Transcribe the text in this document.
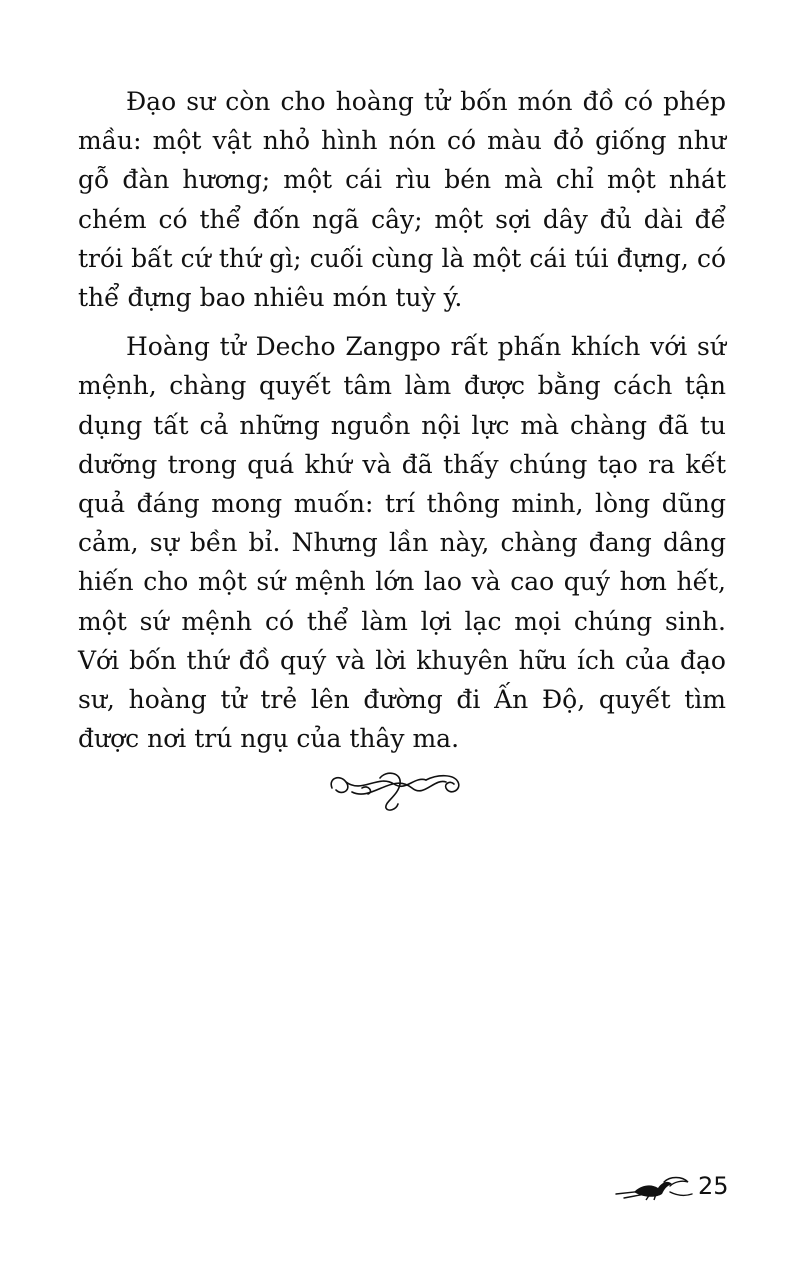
Đạo sư còn cho hoàng tử bốn món đồ có phép mầu: một vật nhỏ hình nón có màu đỏ giống như gỗ đàn hương; một cái rìu bén mà chỉ một nhát chém có thể đốn ngã cây; một sợi dây đủ dài để trói bất cứ thứ gì; cuối cùng là một cái túi đựng, có thể đựng bao nhiêu món tuỳ ý.

Hoàng tử Decho Zangpo rất phấn khích với sứ mệnh, chàng quyết tâm làm được bằng cách tận dụng tất cả những nguồn nội lực mà chàng đã tu dưỡng trong quá khứ và đã thấy chúng tạo ra kết quả đáng mong muốn: trí thông minh, lòng dũng cảm, sự bền bỉ. Nhưng lần này, chàng đang dâng hiến cho một sứ mệnh lớn lao và cao quý hơn hết, một sứ mệnh có thể làm lợi lạc mọi chúng sinh. Với bốn thứ đồ quý và lời khuyên hữu ích của đạo sư, hoàng tử trẻ lên đường đi Ấn Độ, quyết tìm được nơi trú ngụ của thây ma.

25
